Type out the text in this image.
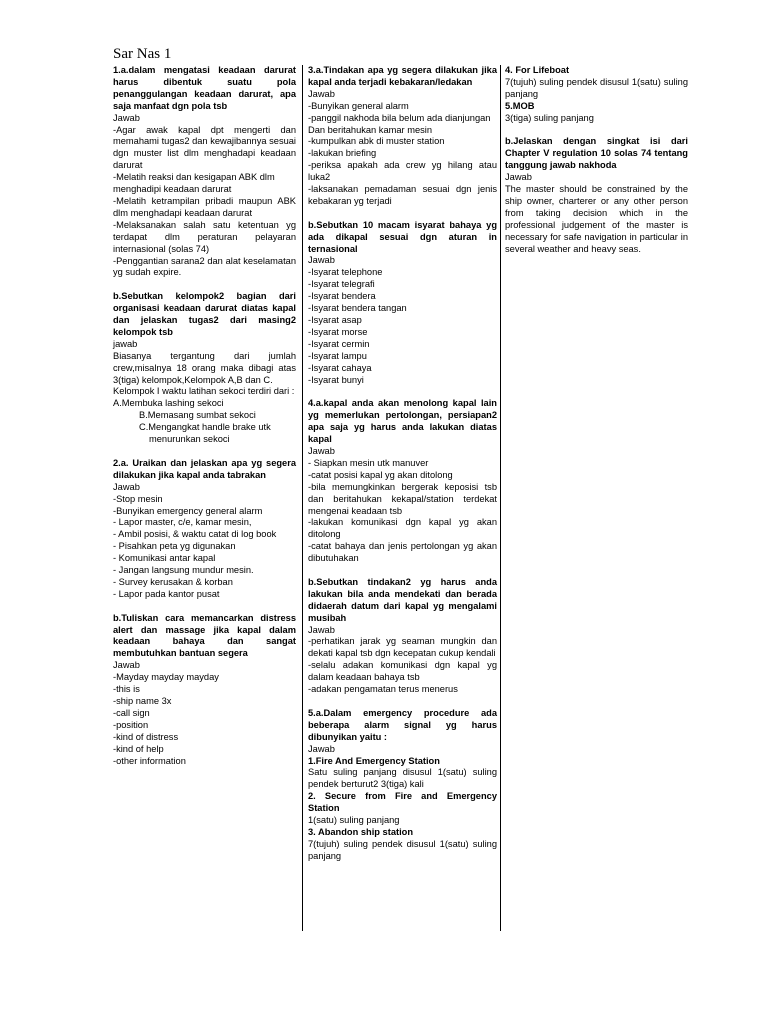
Sar Nas 1

1.a.dalam mengatasi keadaan darurat harus dibentuk suatu pola penanggulangan keadaan darurat, apa saja manfaat dgn pola tsb

Jawab

-Agar awak kapal dpt mengerti dan memahami tugas2 dan kewajibannya sesuai dgn muster list dlm menghadapi keadaan darurat

-Melatih reaksi dan kesigapan ABK dlm menghadipi keadaan darurat

-Melatih ketrampilan pribadi maupun ABK dlm menghadapi keadaan darurat

-Melaksanakan salah satu ketentuan yg terdapat dlm peraturan pelayaran internasional (solas 74)

-Penggantian sarana2 dan alat keselamatan yg sudah expire.

b.Sebutkan kelompok2 bagian dari organisasi keadaan darurat diatas kapal dan jelaskan tugas2 dari masing2 kelompok tsb

jawab

Biasanya tergantung dari jumlah crew,misalnya 18 orang maka dibagi atas 3(tiga) kelompok,Kelompok A,B dan C.

Kelompok I waktu latihan sekoci terdiri dari : A.Membuka lashing sekoci

B.Memasang sumbat sekoci

C.Mengangkat handle brake utk

menurunkan sekoci

2.a. Uraikan dan jelaskan apa yg segera dilakukan jika kapal anda tabrakan

Jawab

-Stop mesin

-Bunyikan emergency general alarm

- Lapor master, c/e, kamar mesin,

- Ambil posisi, & waktu catat di log book

- Pisahkan peta yg digunakan

- Komunikasi antar kapal

- Jangan langsung mundur mesin.

- Survey kerusakan & korban

- Lapor pada kantor pusat

b.Tuliskan cara memancarkan distress alert dan massage jika kapal dalam keadaan bahaya dan sangat membutuhkan bantuan segera

Jawab

-Mayday mayday mayday

-this is

-ship name 3x

-call sign

-position

-kind of distress

-kind of help

-other information

3.a.Tindakan apa yg segera dilakukan jika kapal anda terjadi kebakaran/ledakan

Jawab

-Bunyikan general alarm

-panggil nakhoda bila belum ada dianjungan

Dan beritahukan kamar mesin

-kumpulkan abk di muster station

-lakukan briefing

-periksa apakah ada crew yg hilang atau luka2

-laksanakan pemadaman sesuai dgn jenis kebakaran yg terjadi

b.Sebutkan 10 macam isyarat bahaya yg ada dikapal sesuai dgn aturan in ternasional

Jawab

-Isyarat telephone

-Isyarat telegrafi

-Isyarat bendera

-Isyarat bendera tangan

-Isyarat asap

-Isyarat morse

-Isyarat cermin

-Isyarat lampu

-Isyarat cahaya

-Isyarat bunyi

4.a.kapal anda akan menolong kapal lain yg memerlukan pertolongan, persiapan2 apa saja yg harus anda lakukan diatas kapal

Jawab

- Siapkan mesin utk manuver

-catat posisi kapal yg akan ditolong

-bila memungkinkan bergerak keposisi tsb dan beritahukan kekapal/station terdekat mengenai keadaan tsb

-lakukan komunikasi dgn kapal yg akan ditolong

-catat bahaya dan jenis pertolongan yg akan dibutuhakan

b.Sebutkan tindakan2 yg harus anda lakukan bila anda mendekati dan berada didaerah datum dari kapal yg mengalami musibah

Jawab

-perhatikan jarak yg seaman mungkin dan dekati kapal tsb dgn kecepatan cukup kendali

-selalu adakan komunikasi dgn kapal yg dalam keadaan bahaya tsb

-adakan pengamatan terus menerus

5.a.Dalam emergency procedure ada beberapa alarm signal yg harus dibunyikan yaitu :

Jawab

1.Fire And Emergency Station

Satu suling panjang disusul 1(satu) suling pendek berturut2 3(tiga) kali

2. Secure from Fire and Emergency Station

1(satu) suling panjang

3. Abandon ship station

7(tujuh) suling pendek disusul 1(satu) suling panjang

4. For Lifeboat

7(tujuh) suling pendek disusul 1(satu) suling panjang

5.MOB

3(tiga) suling panjang

b.Jelaskan dengan singkat isi dari Chapter V regulation 10 solas 74 tentang tanggung jawab nakhoda

Jawab

The master should be constrained by the ship owner, charterer or any other person from taking decision which in the professional judgement of the master is necessary for safe navigation in particular in several weather and heavy seas.
